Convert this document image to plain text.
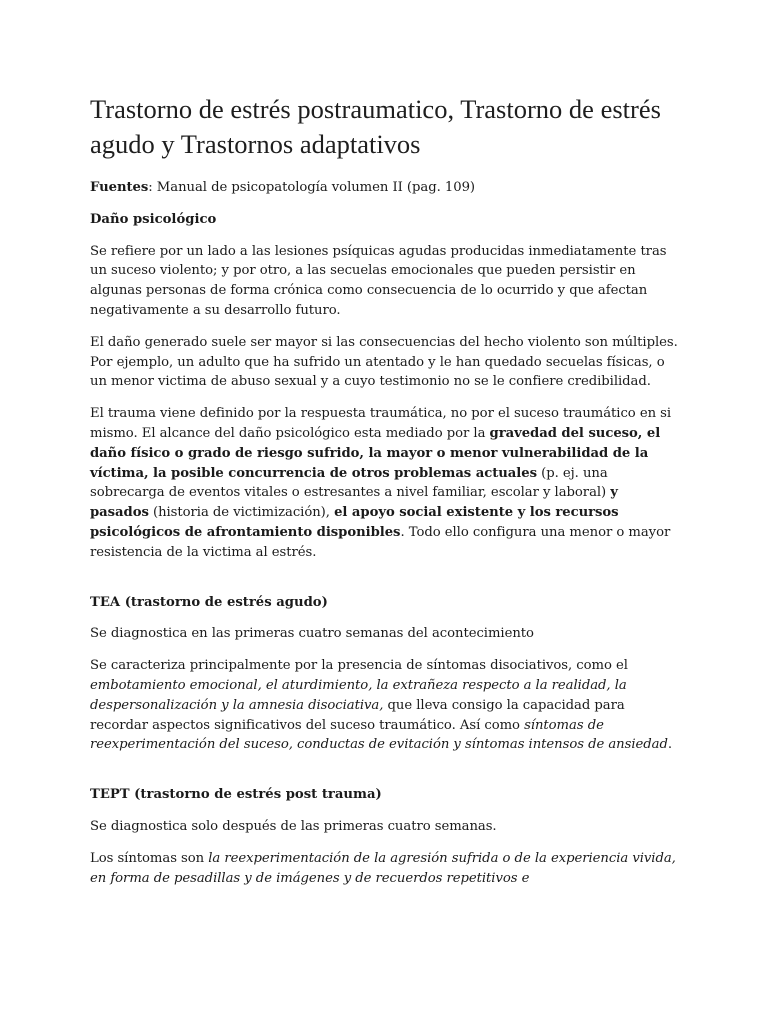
Trastorno de estrés postraumatico, Trastorno de estrés agudo y Trastornos adaptativos

Fuentes: Manual de psicopatología volumen II (pag. 109)

Daño psicológico

Se refiere por un lado a las lesiones psíquicas agudas producidas inmediatamente tras un suceso violento; y por otro, a las secuelas emocionales que pueden persistir en algunas personas de forma crónica como consecuencia de lo ocurrido y que afectan negativamente a su desarrollo futuro.

El daño generado suele ser mayor si las consecuencias del hecho violento son múltiples. Por ejemplo, un adulto que ha sufrido un atentado y le han quedado secuelas físicas, o un menor victima de abuso sexual y a cuyo testimonio no se le confiere credibilidad.

El trauma viene definido por la respuesta traumática, no por el suceso traumático en si mismo. El alcance del daño psicológico esta mediado por la gravedad del suceso, el daño físico o grado de riesgo sufrido, la mayor o menor vulnerabilidad de la víctima, la posible concurrencia de otros problemas actuales (p. ej. una sobrecarga de eventos vitales o estresantes a nivel familiar, escolar y laboral) y pasados (historia de victimización), el apoyo social existente y los recursos psicológicos de afrontamiento disponibles. Todo ello configura una menor o mayor resistencia de la victima al estrés.

TEA (trastorno de estrés agudo)

Se diagnostica en las primeras cuatro semanas del acontecimiento

Se caracteriza principalmente por la presencia de síntomas disociativos, como el embotamiento emocional, el aturdimiento, la extrañeza respecto a la realidad, la despersonalización y la amnesia disociativa, que lleva consigo la capacidad para recordar aspectos significativos del suceso traumático. Así como síntomas de reexperimentación del suceso, conductas de evitación y síntomas intensos de ansiedad.

TEPT (trastorno de estrés post trauma)

Se diagnostica solo después de las primeras cuatro semanas.

Los síntomas son la reexperimentación de la agresión sufrida o de la experiencia vivida, en forma de pesadillas y de imágenes y de recuerdos repetitivos e
